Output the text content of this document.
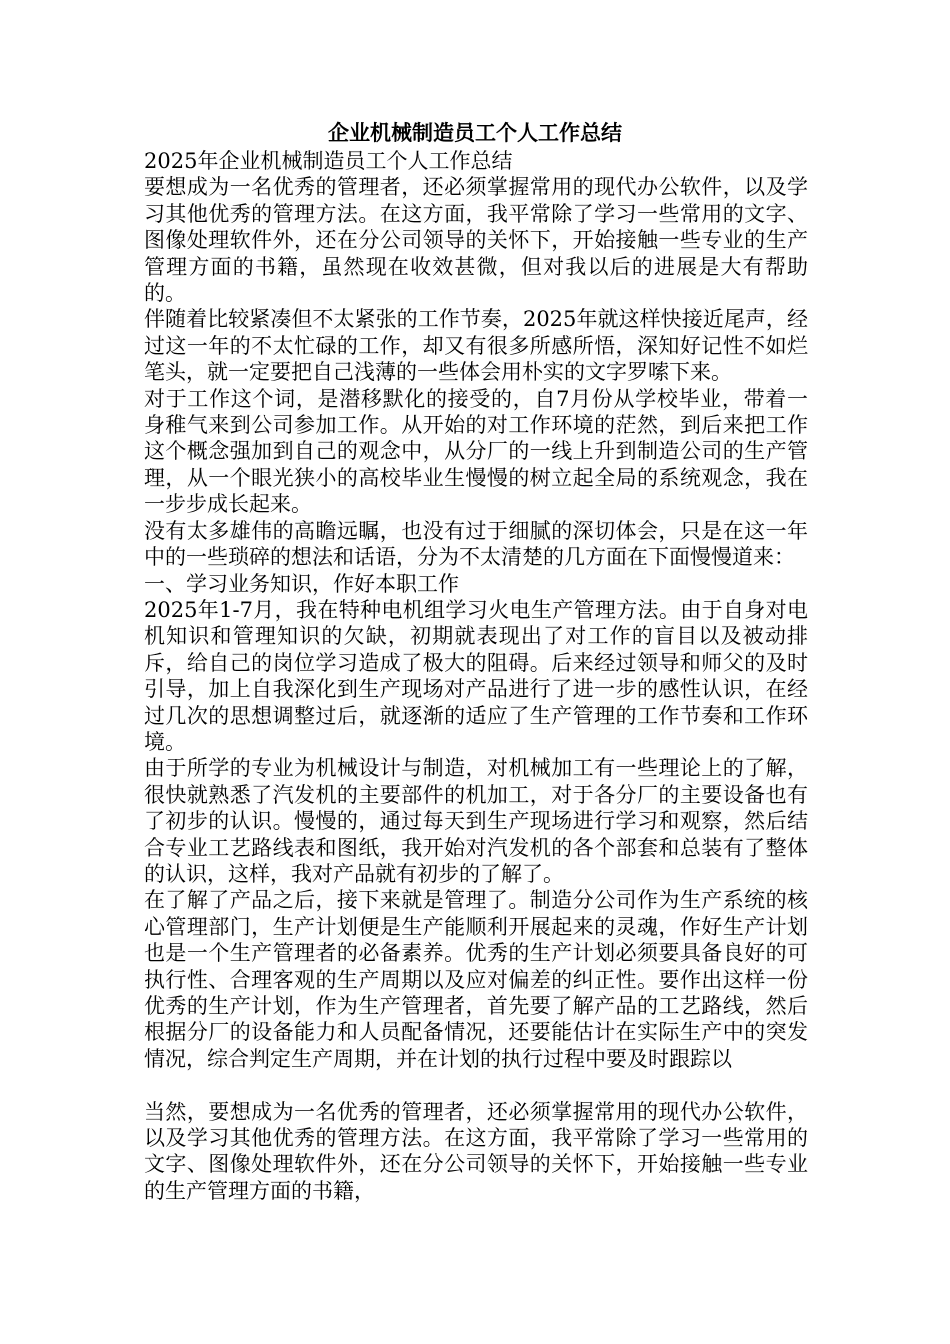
企业机械制造员工个人工作总结

2025年企业机械制造员工个人工作总结

要想成为一名优秀的管理者，还必须掌握常用的现代办公软件，以及学习其他优秀的管理方法。在这方面，我平常除了学习一些常用的文字、图像处理软件外，还在分公司领导的关怀下，开始接触一些专业的生产管理方面的书籍，虽然现在收效甚微，但对我以后的进展是大有帮助的。

伴随着比较紧凑但不太紧张的工作节奏，2025年就这样快接近尾声，经过这一年的不太忙碌的工作，却又有很多所感所悟，深知好记性不如烂笔头，就一定要把自己浅薄的一些体会用朴实的文字罗嗦下来。

对于工作这个词，是潜移默化的接受的，自7月份从学校毕业，带着一身稚气来到公司参加工作。从开始的对工作环境的茫然，到后来把工作这个概念强加到自己的观念中，从分厂的一线上升到制造公司的生产管理，从一个眼光狭小的高校毕业生慢慢的树立起全局的系统观念，我在一步步成长起来。

没有太多雄伟的高瞻远瞩，也没有过于细腻的深切体会，只是在这一年中的一些琐碎的想法和话语，分为不太清楚的几方面在下面慢慢道来：

一、学习业务知识，作好本职工作

2025年1-7月，我在特种电机组学习火电生产管理方法。由于自身对电机知识和管理知识的欠缺，初期就表现出了对工作的盲目以及被动排斥，给自己的岗位学习造成了极大的阻碍。后来经过领导和师父的及时引导，加上自我深化到生产现场对产品进行了进一步的感性认识，在经过几次的思想调整过后，就逐渐的适应了生产管理的工作节奏和工作环境。

由于所学的专业为机械设计与制造，对机械加工有一些理论上的了解，很快就熟悉了汽发机的主要部件的机加工，对于各分厂的主要设备也有了初步的认识。慢慢的，通过每天到生产现场进行学习和观察，然后结合专业工艺路线表和图纸，我开始对汽发机的各个部套和总装有了整体的认识，这样，我对产品就有初步的了解了。

在了解了产品之后，接下来就是管理了。制造分公司作为生产系统的核心管理部门，生产计划便是生产能顺利开展起来的灵魂，作好生产计划也是一个生产管理者的必备素养。优秀的生产计划必须要具备良好的可执行性、合理客观的生产周期以及应对偏差的纠正性。要作出这样一份优秀的生产计划，作为生产管理者，首先要了解产品的工艺路线，然后根据分厂的设备能力和人员配备情况，还要能估计在实际生产中的突发情况，综合判定生产周期，并在计划的执行过程中要及时跟踪以

当然，要想成为一名优秀的管理者，还必须掌握常用的现代办公软件，以及学习其他优秀的管理方法。在这方面，我平常除了学习一些常用的文字、图像处理软件外，还在分公司领导的关怀下，开始接触一些专业的生产管理方面的书籍，
